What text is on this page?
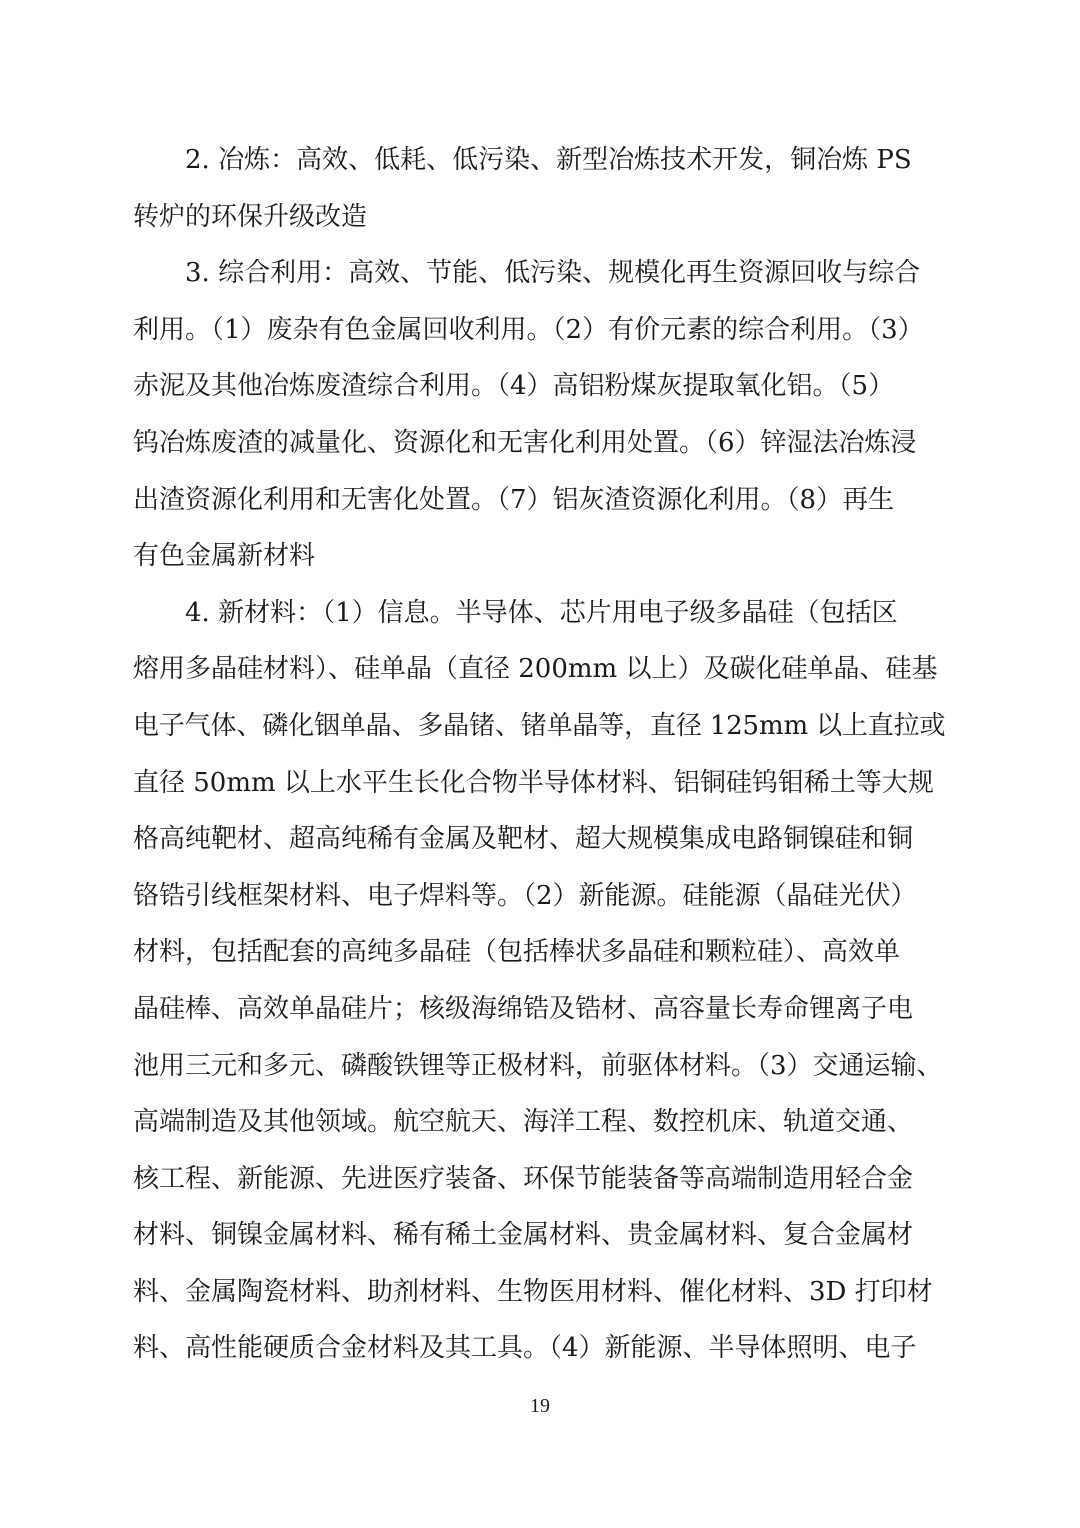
2. 冶炼：高效、低耗、低污染、新型冶炼技术开发，铜冶炼 PS
转炉的环保升级改造
3. 综合利用：高效、节能、低污染、规模化再生资源回收与综合
利用。（1）废杂有色金属回收利用。（2）有价元素的综合利用。（3）
赤泥及其他冶炼废渣综合利用。（4）高铝粉煤灰提取氧化铝。（5）
钨冶炼废渣的减量化、资源化和无害化利用处置。（6）锌湿法冶炼浸
出渣资源化利用和无害化处置。（7）铝灰渣资源化利用。（8）再生
有色金属新材料
4. 新材料：（1）信息。半导体、芯片用电子级多晶硅（包括区
熔用多晶硅材料）、硅单晶（直径 200mm 以上）及碳化硅单晶、硅基
电子气体、磷化铟单晶、多晶锗、锗单晶等，直径 125mm 以上直拉或
直径 50mm 以上水平生长化合物半导体材料、铝铜硅钨钼稀土等大规
格高纯靶材、超高纯稀有金属及靶材、超大规模集成电路铜镍硅和铜
铬锆引线框架材料、电子焊料等。（2）新能源。硅能源（晶硅光伏）
材料，包括配套的高纯多晶硅（包括棒状多晶硅和颗粒硅）、高效单
晶硅棒、高效单晶硅片；核级海绵锆及锆材、高容量长寿命锂离子电
池用三元和多元、磷酸铁锂等正极材料，前驱体材料。（3）交通运输、
高端制造及其他领域。航空航天、海洋工程、数控机床、轨道交通、
核工程、新能源、先进医疗装备、环保节能装备等高端制造用轻合金
材料、铜镍金属材料、稀有稀土金属材料、贵金属材料、复合金属材
料、金属陶瓷材料、助剂材料、生物医用材料、催化材料、3D 打印材
料、高性能硬质合金材料及其工具。（4）新能源、半导体照明、电子
19
